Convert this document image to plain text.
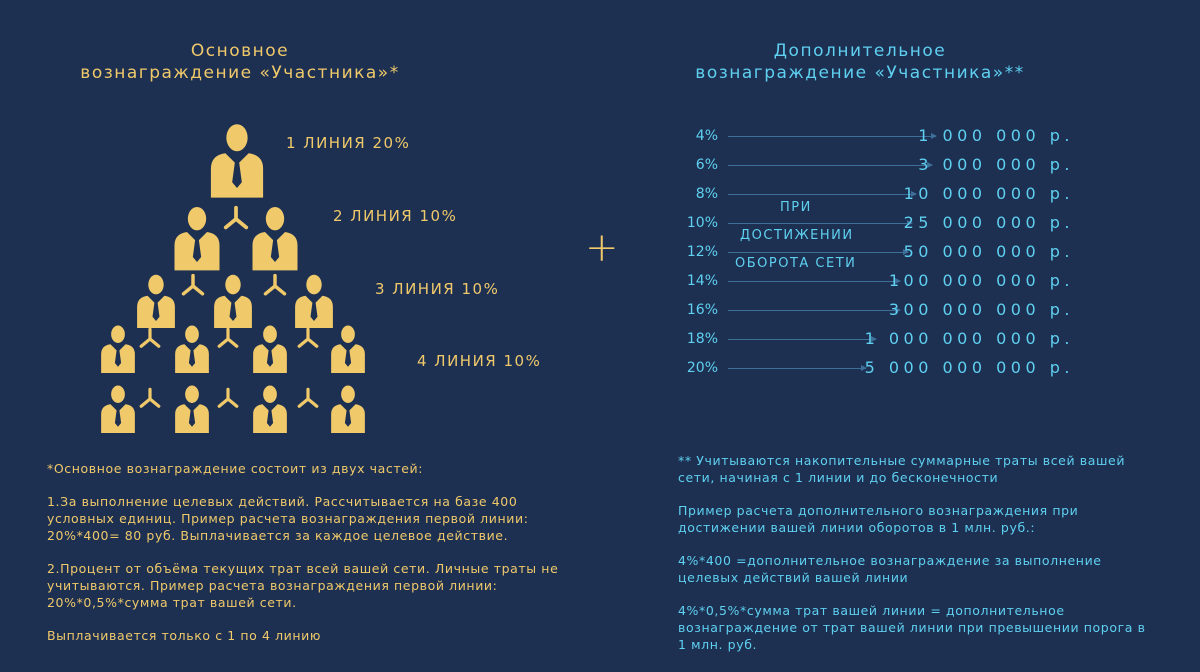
Основное
вознаграждение «Участника»*
Дополнительное
вознаграждение «Участника»**
1 ЛИНИЯ 20%
2 ЛИНИЯ 10%
3 ЛИНИЯ 10%
4 ЛИНИЯ 10%
+
4%	1 000 000 р.
6%	3 000 000 р.
8%	10 000 000 р.
10%	25 000 000 р.
12%	50 000 000 р.
14%	100 000 000 р.
16%	300 000 000 р.
18%	1 000 000 000 р.
20%	5 000 000 000 р.
ПРИ
ДОСТИЖЕНИИ
ОБОРОТА СЕТИ

*Основное вознаграждение состоит из двух частей:

1.За выполнение целевых действий. Рассчитывается на базе 400 условных единиц. Пример расчета вознаграждения первой линии: 20%*400= 80 руб. Выплачивается за каждое целевое действие.

2.Процент от объёма текущих трат всей вашей сети. Личные траты не учитываются. Пример расчета вознаграждения первой линии: 20%*0,5%*сумма трат вашей сети.

Выплачивается только с 1 по 4 линию

** Учитываются накопительные суммарные траты всей вашей сети, начиная с 1 линии и до бесконечности

Пример расчета дополнительного вознаграждения при достижении вашей линии оборотов в 1 млн. руб.:

4%*400 =дополнительное вознаграждение за выполнение целевых действий вашей линии

4%*0,5%*сумма трат вашей линии = дополнительное вознаграждение от трат вашей линии при превышении порога в 1 млн. руб.
